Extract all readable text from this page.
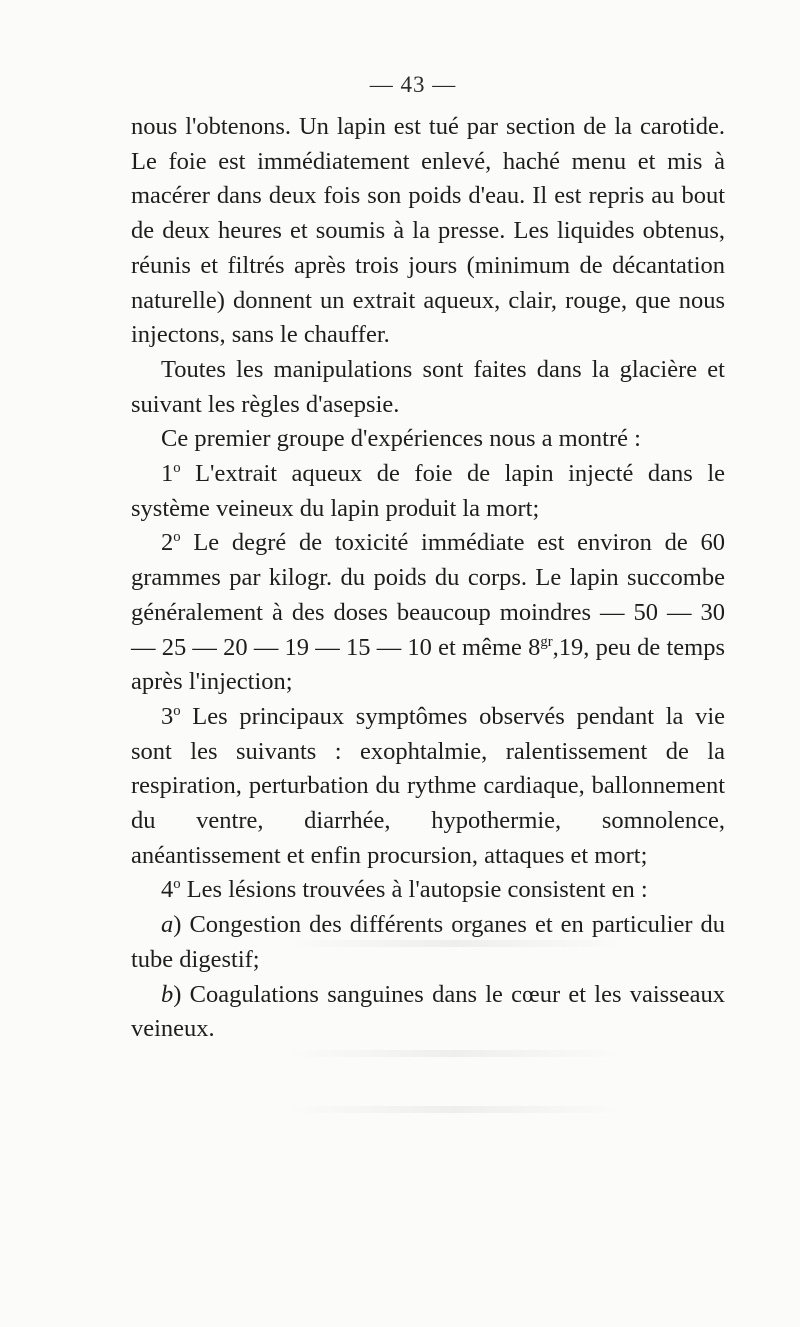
— 43 —

nous l'obtenons. Un lapin est tué par section de la carotide. Le foie est immédiatement enlevé, haché menu et mis à macérer dans deux fois son poids d'eau. Il est repris au bout de deux heures et soumis à la presse. Les liquides obtenus, réunis et filtrés après trois jours (minimum de décantation naturelle) donnent un extrait aqueux, clair, rouge, que nous injectons, sans le chauffer.

Toutes les manipulations sont faites dans la glacière et suivant les règles d'asepsie.

Ce premier groupe d'expériences nous a montré :

1$^o$ L'extrait aqueux de foie de lapin injecté dans le système veineux du lapin produit la mort;

2$^o$ Le degré de toxicité immédiate est environ de 60 grammes par kilogr. du poids du corps. Le lapin succombe généralement à des doses beaucoup moindres — 50 — 30 — 25 — 20 — 19 — 15 — 10 et même $8^{gr},19$, peu de temps après l'injection;

3$^o$ Les principaux symptômes observés pendant la vie sont les suivants : exophtalmie, ralentissement de la respiration, perturbation du rythme cardiaque, ballonnement du ventre, diarrhée, hypothermie, somnolence, anéantissement et enfin procursion, attaques et mort;

4$^o$ Les lésions trouvées à l'autopsie consistent en :

a) Congestion des différents organes et en particulier du tube digestif;

b) Coagulations sanguines dans le cœur et les vaisseaux veineux.
